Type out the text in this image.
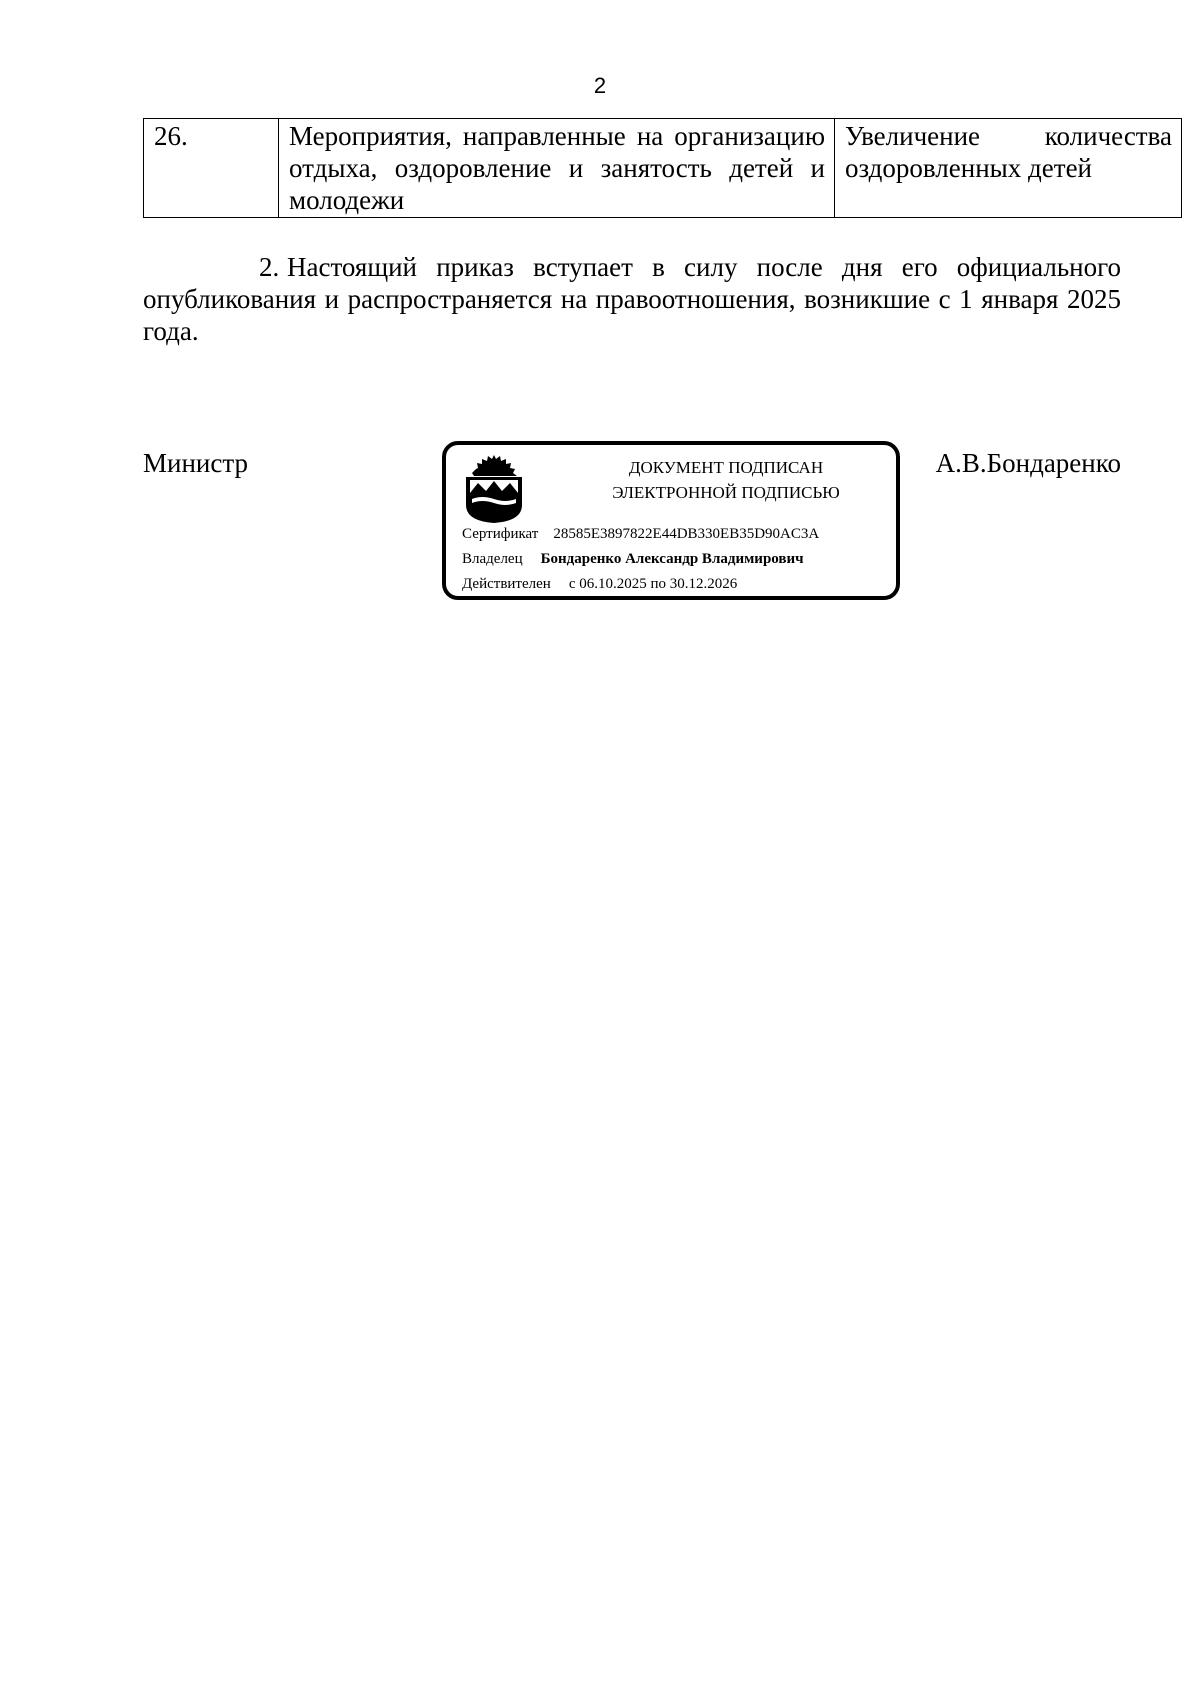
2
26.	Мероприятия, направленные на организацию отдыха, оздоровление и занятость детей и молодежи	Увеличение количества оздоровленных детей

2. Настоящий приказ вступает в силу после дня его официального опубликования и распространяется на правоотношения, возникшие с 1 января 2025 года.

Министр	ДОКУМЕНТ ПОДПИСАН
ЭЛЕКТРОННОЙ ПОДПИСЬЮ
Сертификат 28585E3897822E44DB330EB35D90AC3A
Владелец Бондаренко Александр Владимирович
Действителен с 06.10.2025 по 30.12.2026
А.В.Бондаренко
